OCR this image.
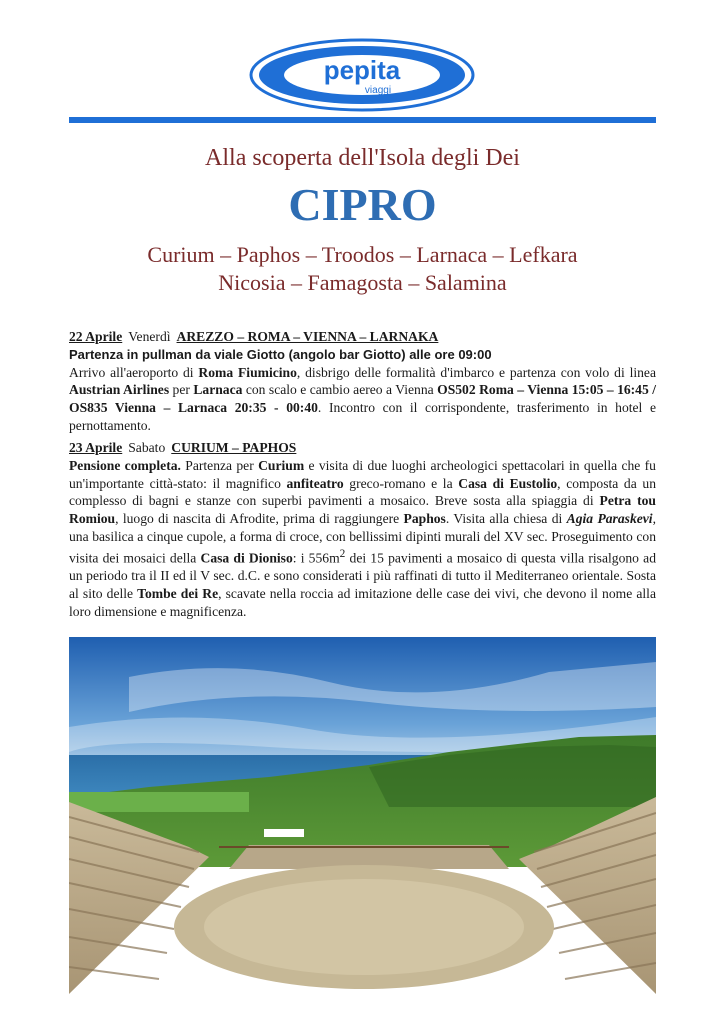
pepita
viaggi
Alla scoperta dell'Isola degli Dei
CIPRO
Curium – Paphos – Troodos – Larnaca – Lefkara
Nicosia – Famagosta – Salamina
22 Aprile Venerdì AREZZO – ROMA – VIENNA – LARNAKA
Partenza in pullman da viale Giotto (angolo bar Giotto) alle ore 09:00

Arrivo all'aeroporto di Roma Fiumicino, disbrigo delle formalità d'imbarco e partenza con volo di linea Austrian Airlines per Larnaca con scalo e cambio aereo a Vienna OS502 Roma – Vienna 15:05 – 16:45 / OS835 Vienna – Larnaca 20:35 - 00:40. Incontro con il corrispondente, trasferimento in hotel e pernottamento.

23 Aprile Sabato CURIUM – PAPHOS

Pensione completa. Partenza per Curium e visita di due luoghi archeologici spettacolari in quella che fu un'importante città-stato: il magnifico anfiteatro greco-romano e la Casa di Eustolio, composta da un complesso di bagni e stanze con superbi pavimenti a mosaico. Breve sosta alla spiaggia di Petra tou Romiou, luogo di nascita di Afrodite, prima di raggiungere Paphos. Visita alla chiesa di Agia Paraskevi, una basilica a cinque cupole, a forma di croce, con bellissimi dipinti murali del XV sec. Proseguimento con visita dei mosaici della Casa di Dioniso: i $556m^2$ dei 15 pavimenti a mosaico di questa villa risalgono ad un periodo tra il II ed il V sec. d.C. e sono considerati i più raffinati di tutto il Mediterraneo orientale. Sosta al sito delle Tombe dei Re, scavate nella roccia ad imitazione delle case dei vivi, che devono il nome alla loro dimensione e magnificenza.
